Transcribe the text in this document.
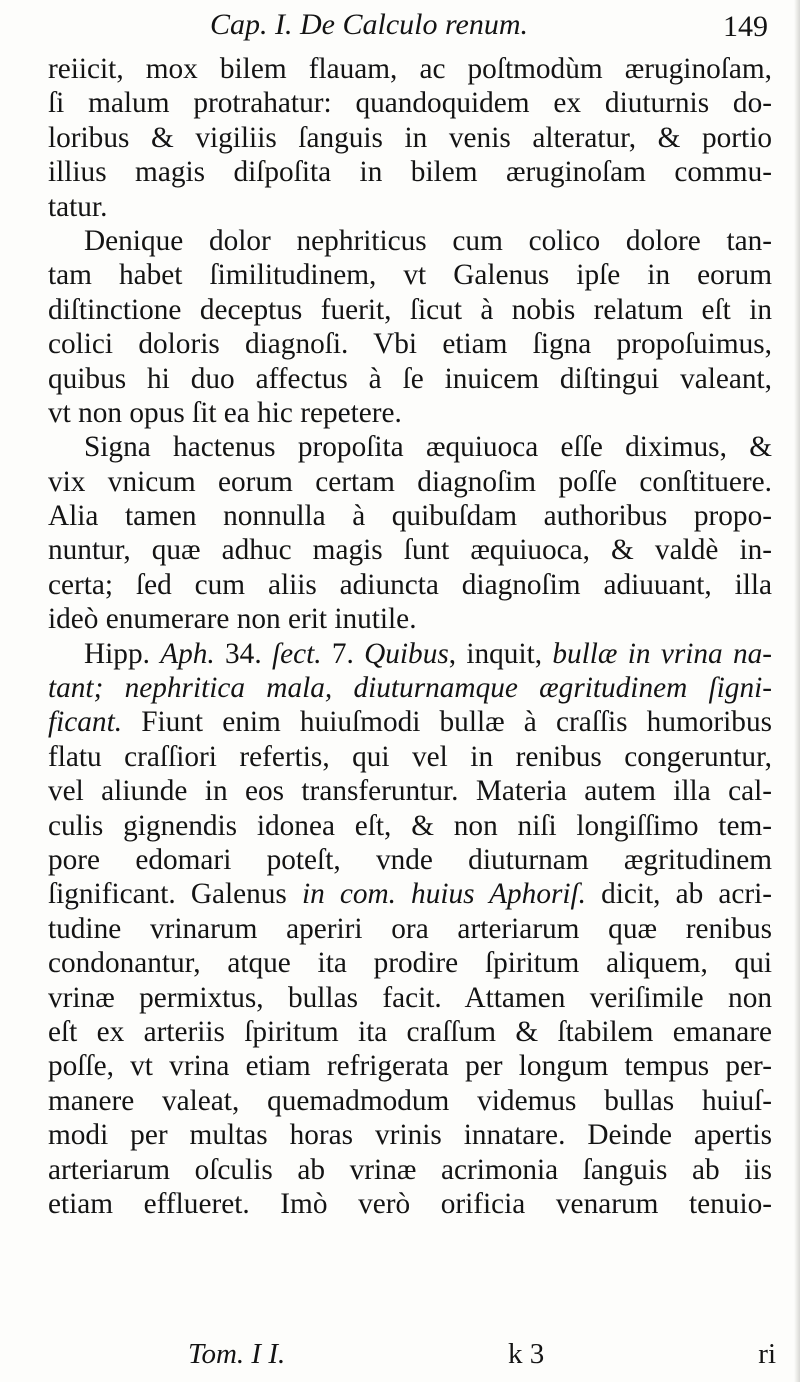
Cap. I. De Calculo renum.	149
reiicit, mox bilem flauam, ac poſtmodùm æruginoſam,
ſi malum protrahatur: quandoquidem ex diuturnis do-
loribus & vigiliis ſanguis in venis alteratur, & portio
illius magis diſpoſita in bilem æruginoſam commu-
tatur.
Denique dolor nephriticus cum colico dolore tan-
tam habet ſimilitudinem, vt Galenus ipſe in eorum
diſtinctione deceptus fuerit, ſicut à nobis relatum eſt in
colici doloris diagnoſi. Vbi etiam ſigna propoſuimus,
quibus hi duo affectus à ſe inuicem diſtingui valeant,
vt non opus ſit ea hic repetere.
Signa hactenus propoſita æquiuoca eſſe diximus, &
vix vnicum eorum certam diagnoſim poſſe conſtituere.
Alia tamen nonnulla à quibuſdam authoribus propo-
nuntur, quæ adhuc magis ſunt æquiuoca, & valdè in-
certa; ſed cum aliis adiuncta diagnoſim adiuuant, illa
ideò enumerare non erit inutile.
Hipp. Aph. 34. ſect. 7. Quibus, inquit, bullæ in vrina na-
tant; nephritica mala, diuturnamque ægritudinem ſigni-
ficant. Fiunt enim huiuſmodi bullæ à craſſis humoribus
flatu craſſiori refertis, qui vel in renibus congeruntur,
vel aliunde in eos transferuntur. Materia autem illa cal-
culis gignendis idonea eſt, & non niſi longiſſimo tem-
pore edomari poteſt, vnde diuturnam ægritudinem
ſignificant. Galenus in com. huius Aphoriſ. dicit, ab acri-
tudine vrinarum aperiri ora arteriarum quæ renibus
condonantur, atque ita prodire ſpiritum aliquem, qui
vrinæ permixtus, bullas facit. Attamen veriſimile non
eſt ex arteriis ſpiritum ita craſſum & ſtabilem emanare
poſſe, vt vrina etiam refrigerata per longum tempus per-
manere valeat, quemadmodum videmus bullas huiuſ-
modi per multas horas vrinis innatare. Deinde apertis
arteriarum oſculis ab vrinæ acrimonia ſanguis ab iis
etiam efflueret. Imò verò orificia venarum tenuio-
Tom. I I.	k 3	ri
